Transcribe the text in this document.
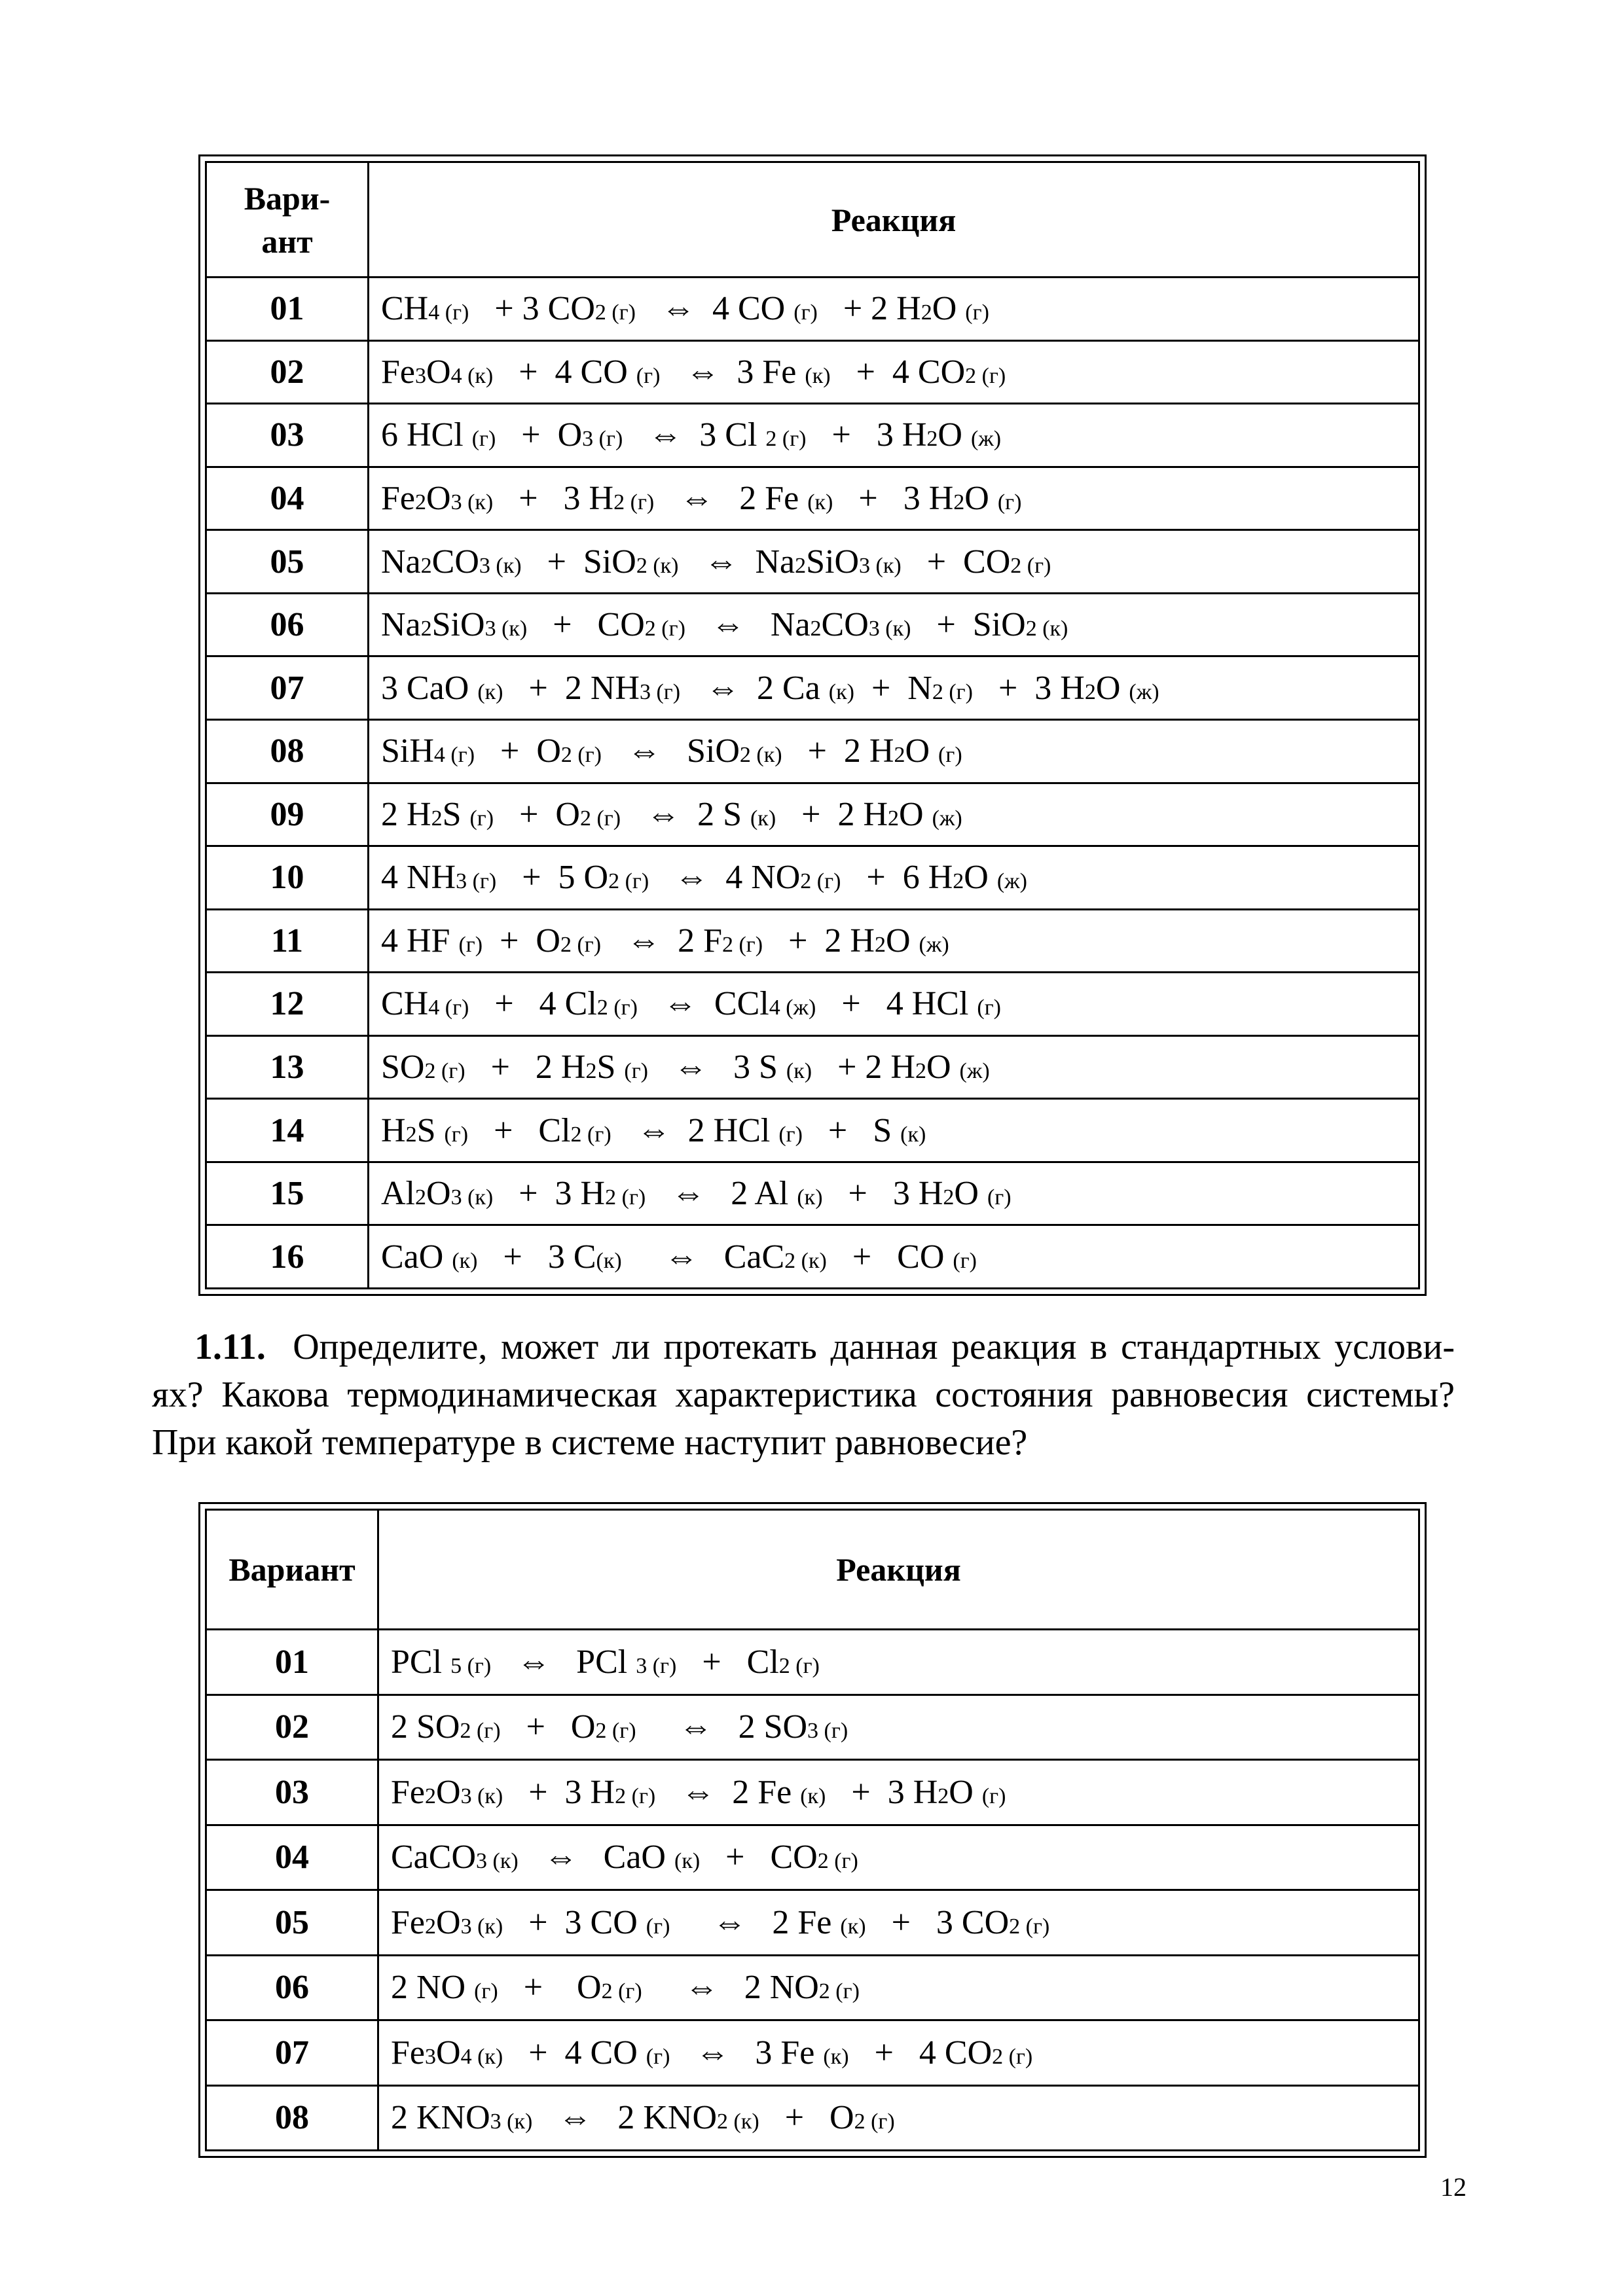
Вари-
ант	Реакция
01	CH4 (г)   + 3 CO2 (г)   ⇔  4 CO (г)   + 2 H2O (г)
02	Fe3O4 (к)   +  4 CO (г)   ⇔  3 Fe (к)   +  4 CO2 (г)
03	6 HCl (г)   +  O3 (г)   ⇔  3 Cl 2 (г)   +   3 H2O (ж)
04	Fe2O3 (к)   +   3 H2 (г)   ⇔   2 Fe (к)   +   3 H2O (г)
05	Na2CO3 (к)   +  SiO2 (к)   ⇔  Na2SiO3 (к)   +  CO2 (г)
06	Na2SiO3 (к)   +   CO2 (г)   ⇔   Na2CO3 (к)   +  SiO2 (к)
07	3 CaO (к)   +  2 NH3 (г)   ⇔  2 Ca (к)  +  N2 (г)   +  3 H2O (ж)
08	SiH4 (г)   +  O2 (г)   ⇔   SiO2 (к)   +  2 H2O (г)
09	2 H2S (г)   +  O2 (г)   ⇔  2 S (к)   +  2 H2O (ж)
10	4 NH3 (г)   +  5 O2 (г)   ⇔  4 NO2 (г)   +  6 H2O (ж)
11	4 HF (г)  +  O2 (г)   ⇔  2 F2 (г)   +  2 H2O (ж)
12	CH4 (г)   +   4 Cl2 (г)   ⇔  CCl4 (ж)   +   4 HCl (г)
13	SO2 (г)   +   2 H2S (г)   ⇔   3 S (к)   + 2 H2O (ж)
14	H2S (г)   +   Cl2 (г)   ⇔  2 HCl (г)   +   S (к)
15	Al2O3 (к)   +  3 H2 (г)   ⇔   2 Al (к)   +   3 H2O (г)
16	CaO (к)   +   3 C(к)     ⇔   CaC2 (к)   +   CO (г)
1.11. Определите, может ли протекать данная реакция в стандартных услови-
ях? Какова термодинамическая характеристика состояния равновесия системы?
При какой температуре в системе наступит равновесие?
Вариант	Реакция
01	PCl 5 (г)   ⇔   PCl 3 (г)   +   Cl2 (г)
02	2 SO2 (г)   +   O2 (г)     ⇔   2 SO3 (г)
03	Fe2O3 (к)   +  3 H2 (г)   ⇔  2 Fe (к)   +  3 H2O (г)
04	CaCO3 (к)   ⇔   CaO (к)   +   CO2 (г)
05	Fe2O3 (к)   +  3 CO (г)     ⇔   2 Fe (к)   +   3 CO2 (г)
06	2 NO (г)   +    O2 (г)     ⇔   2 NO2 (г)
07	Fe3O4 (к)   +  4 CO (г)   ⇔   3 Fe (к)   +   4 CO2 (г)
08	2 KNO3 (к)   ⇔   2 KNO2 (к)   +   O2 (г)
12
